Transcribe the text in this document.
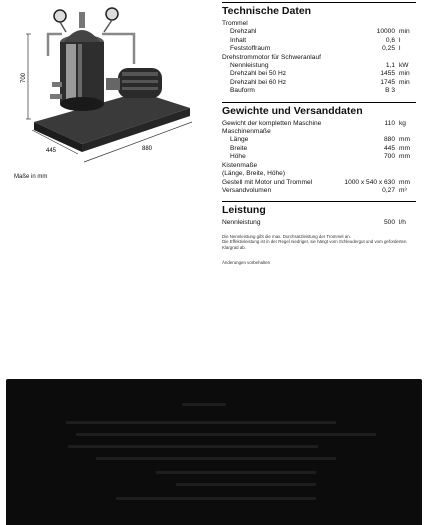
700
445	880
Maße in mm
Technische Daten
Trommel
Drehzahl	10000 min
Inhalt	0,6 l
Feststoffraum	0,25 l
Drehstrommotor für Schweranlauf
Nennleistung	1,1 kW
Drehzahl bei 50 Hz	1455 min
Drehzahl bei 60 Hz	1745 min
Bauform	B 3
Gewichte und Versanddaten
Gewicht der kompletten Maschine	110 kg
Maschinenmaße
Länge	880 mm
Breite	445 mm
Höhe	700 mm
Kistenmaße
(Länge, Breite, Höhe)
Gestell mit Motor und Trommel	1000 x 540 x 630 mm
Versandvolumen	0,27 m³
Leistung
Nennleistung	500 l/h
Die Nennleistung gibt die max. Durchsatzleistung der Trommel an.
Die Effektivleistung ist in der Regel niedriger, sie hängt vom Schleudergut und vom geforderten Klargrad ab.
Änderungen vorbehalten
